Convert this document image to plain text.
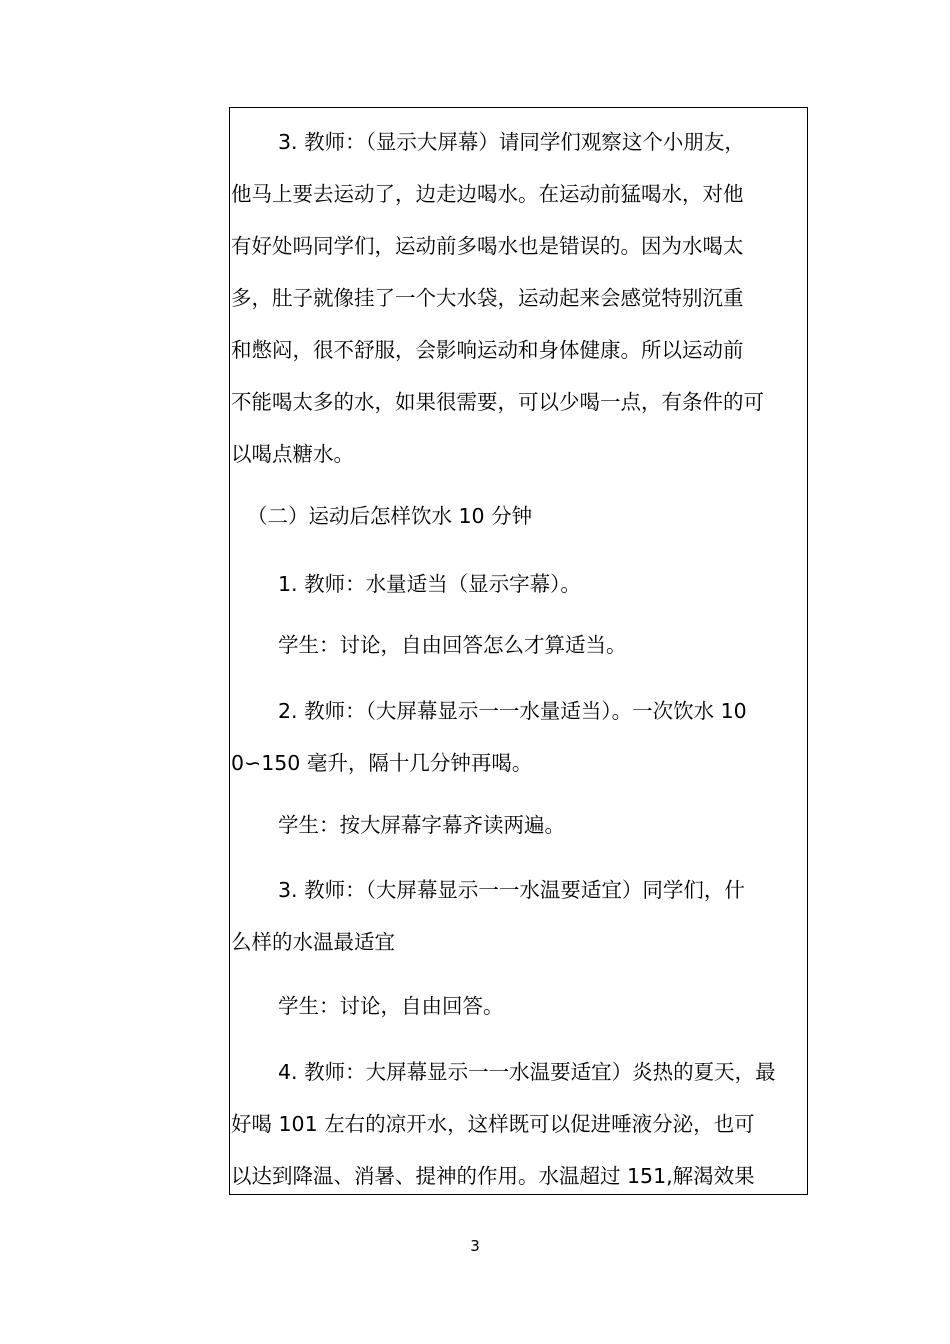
3. 教师：（显示大屏幕）请同学们观察这个小朋友，
他马上要去运动了，边走边喝水。在运动前猛喝水，对他
有好处吗同学们，运动前多喝水也是错误的。因为水喝太
多，肚子就像挂了一个大水袋，运动起来会感觉特别沉重
和憋闷，很不舒服，会影响运动和身体健康。所以运动前
不能喝太多的水，如果很需要，可以少喝一点，有条件的可
以喝点糖水。
（二）运动后怎样饮水 10 分钟
1. 教师：水量适当（显示字幕）。
学生：讨论，自由回答怎么才算适当。
2. 教师：（大屏幕显示一一水量适当）。一次饮水 10
0∽150 毫升，隔十几分钟再喝。
学生：按大屏幕字幕齐读两遍。
3. 教师：（大屏幕显示一一水温要适宜）同学们，什
么样的水温最适宜
学生：讨论，自由回答。
4. 教师：大屏幕显示一一水温要适宜）炎热的夏天，最
好喝 101 左右的凉开水，这样既可以促进唾液分泌，也可
以达到降温、消暑、提神的作用。水温超过 151,解渴效果
3
